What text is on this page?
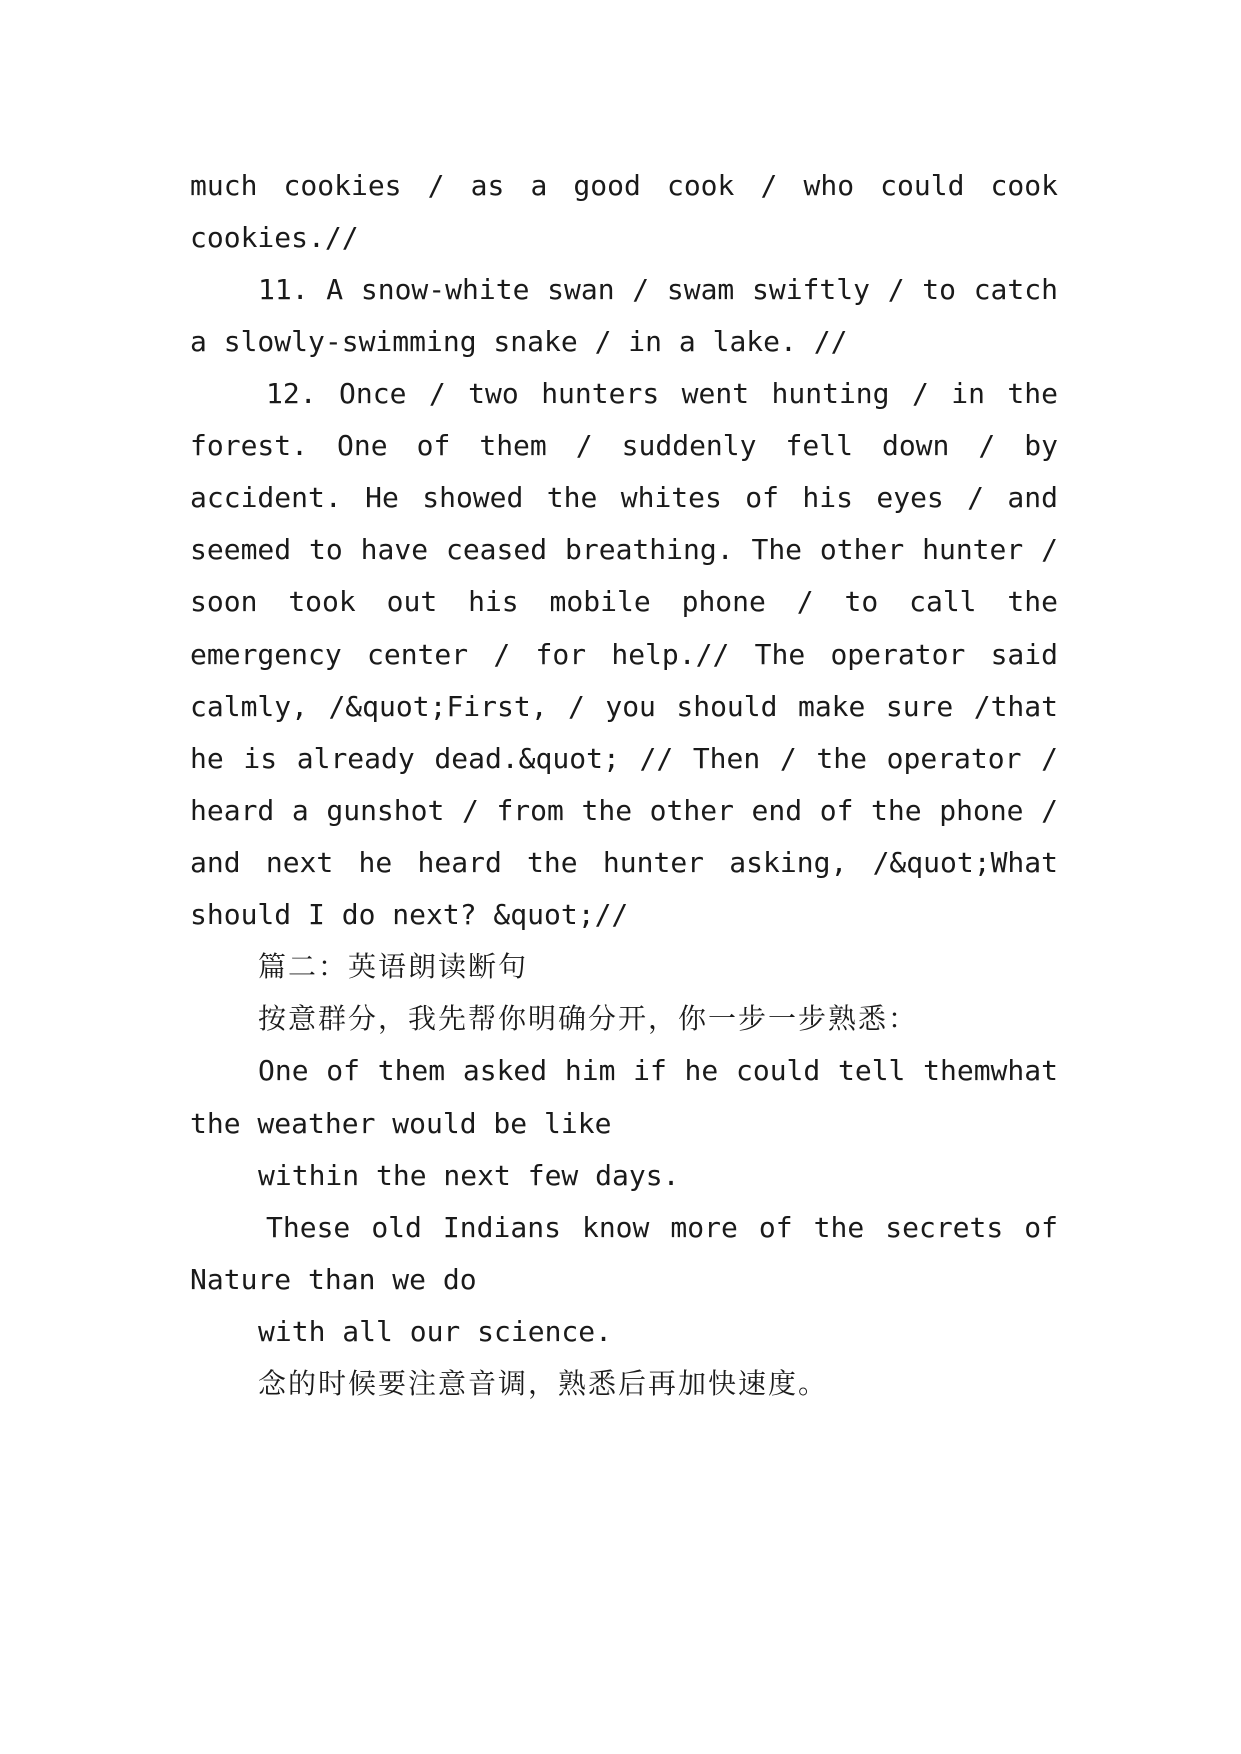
much cookies / as a good cook / who could cook
cookies.//
11. A snow-white swan / swam swiftly / to catch
a slowly-swimming snake / in a lake. //
12. Once / two hunters went hunting / in the
forest. One of them / suddenly fell down / by
accident. He showed the whites of his eyes / and
seemed to have ceased breathing. The other hunter /
soon took out his mobile phone / to call the
emergency center / for help.// The operator said
calmly, /&quot;First, / you should make sure /that
he is already dead.&quot; // Then / the operator /
heard a gunshot / from the other end of the phone /
and next he heard the hunter asking, /&quot;What
should I do next? &quot;//
篇二：英语朗读断句
按意群分，我先帮你明确分开，你一步一步熟悉：
One of them asked him if he could tell themwhat
the weather would be like
within the next few days.
These old Indians know more of the secrets of
Nature than we do
with all our science.
念的时候要注意音调，熟悉后再加快速度。
